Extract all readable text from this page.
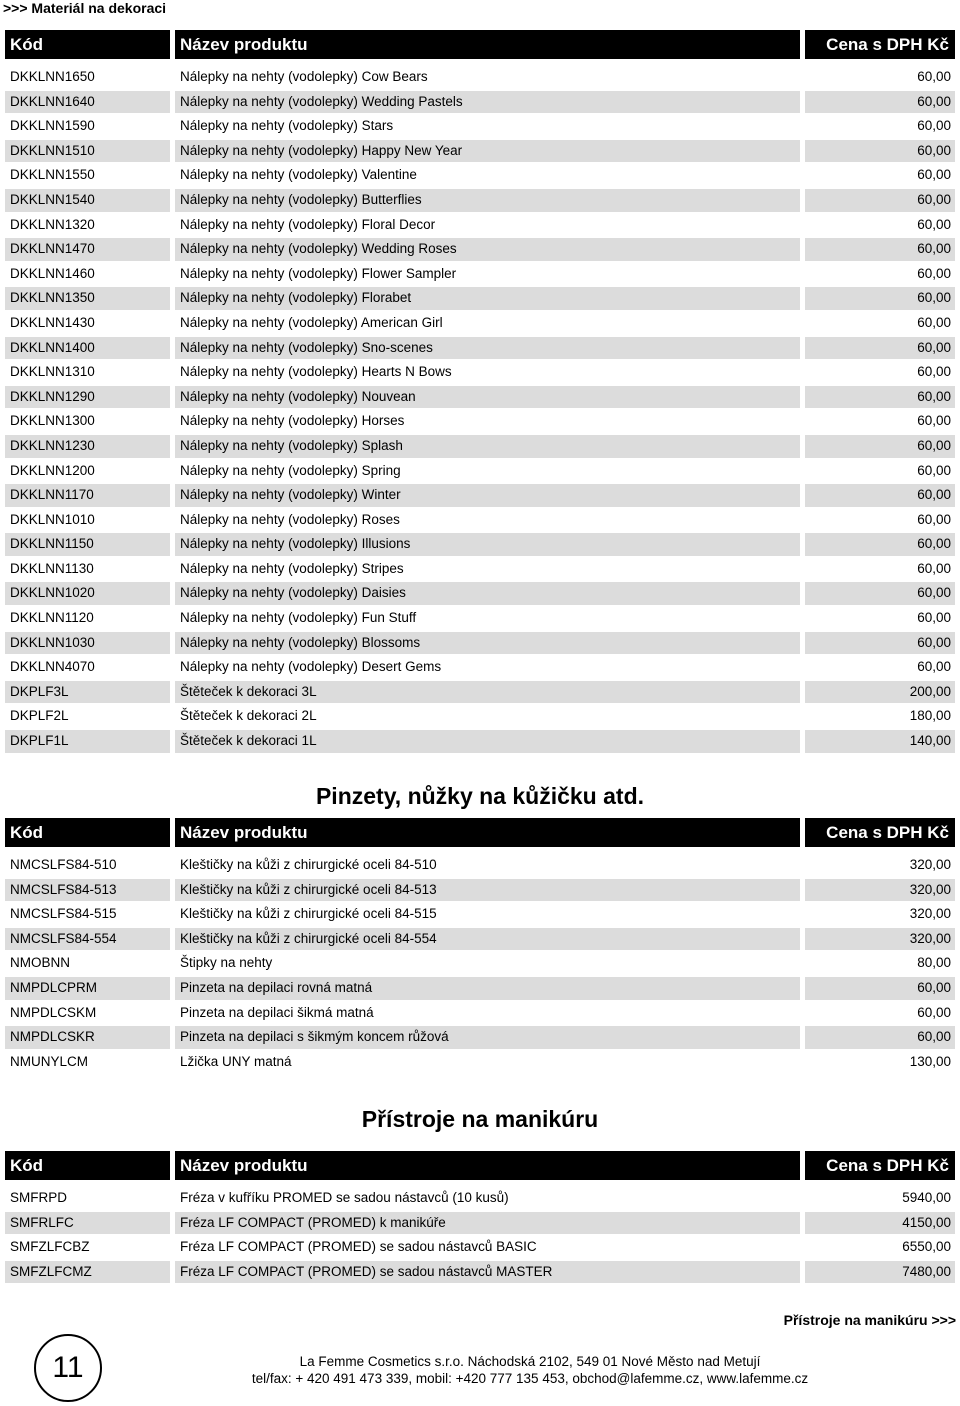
>>> Materiál na dekoraci
Pinzety, nůžky na kůžičku atd.
Přístroje na manikúru
Kód	Název produktu	Cena s DPH Kč
DKKLNN1650	Nálepky na nehty (vodolepky) Cow Bears	60,00
DKKLNN1640	Nálepky na nehty (vodolepky) Wedding Pastels	60,00
DKKLNN1590	Nálepky na nehty (vodolepky) Stars	60,00
DKKLNN1510	Nálepky na nehty (vodolepky) Happy New Year	60,00
DKKLNN1550	Nálepky na nehty (vodolepky) Valentine	60,00
DKKLNN1540	Nálepky na nehty (vodolepky) Butterflies	60,00
DKKLNN1320	Nálepky na nehty (vodolepky) Floral Decor	60,00
DKKLNN1470	Nálepky na nehty (vodolepky) Wedding Roses	60,00
DKKLNN1460	Nálepky na nehty (vodolepky) Flower Sampler	60,00
DKKLNN1350	Nálepky na nehty (vodolepky) Florabet	60,00
DKKLNN1430	Nálepky na nehty (vodolepky) American Girl	60,00
DKKLNN1400	Nálepky na nehty (vodolepky) Sno-scenes	60,00
DKKLNN1310	Nálepky na nehty (vodolepky) Hearts N Bows	60,00
DKKLNN1290	Nálepky na nehty (vodolepky) Nouvean	60,00
DKKLNN1300	Nálepky na nehty (vodolepky) Horses	60,00
DKKLNN1230	Nálepky na nehty (vodolepky) Splash	60,00
DKKLNN1200	Nálepky na nehty (vodolepky) Spring	60,00
DKKLNN1170	Nálepky na nehty (vodolepky) Winter	60,00
DKKLNN1010	Nálepky na nehty (vodolepky) Roses	60,00
DKKLNN1150	Nálepky na nehty (vodolepky) Illusions	60,00
DKKLNN1130	Nálepky na nehty (vodolepky) Stripes	60,00
DKKLNN1020	Nálepky na nehty (vodolepky) Daisies	60,00
DKKLNN1120	Nálepky na nehty (vodolepky) Fun Stuff	60,00
DKKLNN1030	Nálepky na nehty (vodolepky) Blossoms	60,00
DKKLNN4070	Nálepky na nehty (vodolepky) Desert Gems	60,00
DKPLF3L	Štěteček k dekoraci 3L	200,00
DKPLF2L	Štěteček k dekoraci 2L	180,00
DKPLF1L	Štěteček k dekoraci 1L	140,00
Kód	Název produktu	Cena s DPH Kč
NMCSLFS84-510	Kleštičky na kůži z chirurgické oceli 84-510	320,00
NMCSLFS84-513	Kleštičky na kůži z chirurgické oceli 84-513	320,00
NMCSLFS84-515	Kleštičky na kůži z chirurgické oceli 84-515	320,00
NMCSLFS84-554	Kleštičky na kůži z chirurgické oceli 84-554	320,00
NMOBNN	Štipky na nehty	80,00
NMPDLCPRM	Pinzeta na depilaci rovná matná	60,00
NMPDLCSKM	Pinzeta na depilaci šikmá matná	60,00
NMPDLCSKR	Pinzeta na depilaci s šikmým koncem růžová	60,00
NMUNYLCM	Lžička UNY matná	130,00
Kód	Název produktu	Cena s DPH Kč
SMFRPD	Fréza v kufříku PROMED se sadou nástavců (10 kusů)	5940,00
SMFRLFC	Fréza LF COMPACT (PROMED) k manikúře	4150,00
SMFZLFCBZ	Fréza LF COMPACT (PROMED) se sadou nástavců BASIC	6550,00
SMFZLFCMZ	Fréza LF COMPACT (PROMED) se sadou nástavců MASTER	7480,00
Přístroje na manikúru >>>
11	La Femme Cosmetics s.r.o. Náchodská 2102, 549 01 Nové Město nad Metují
tel/fax: + 420 491 473 339, mobil: +420 777 135 453, obchod@lafemme.cz, www.lafemme.cz
